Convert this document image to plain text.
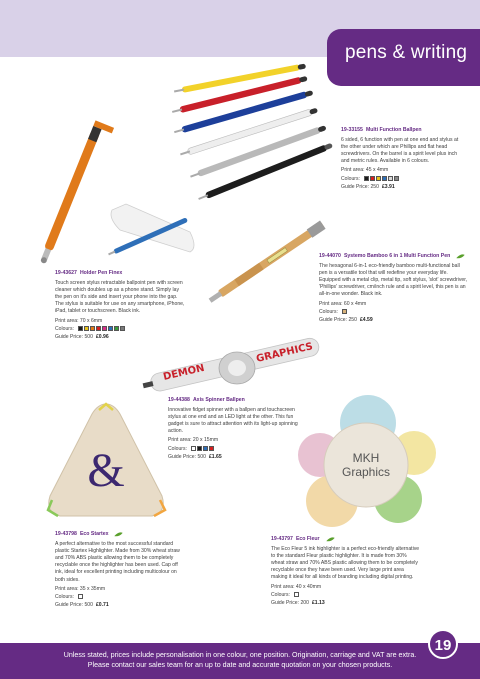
pens & writing
19-33155 Multi Function Ballpen
6 sided, 6 function with pen at one end and stylus at the other under which are Phillips and flat head screwdrivers. On the barrel is a spirit level plus inch and metric rules. Available in 6 colours.
Print area: 45 x 4mm
Colours:
Guide Price: 250 £3.91
19-43627 Holder Pen Finex
Touch screen stylus retractable ballpoint pen with screen cleaner which doubles up as a phone stand. Simply lay the pen on it's side and insert your phone into the gap. The stylus is suitable for use on any smartphone, iPhone, iPad, tablet or touchscreen. Black ink.
Print area: 70 x 6mm
Colours:
Guide Price: 500 £0.96
19-44070 Systemo Bamboo 6 in 1 Multi Function Pen
The hexagonal 6-in-1 eco-friendly bamboo multi-functional ball pen is a versatile tool that will redefine your everyday life. Equipped with a metal clip, metal tip, soft stylus, 'slot' screwdriver, 'Phillips' screwdriver, cm/inch rule and a spirit level, this pen is an all-in-one wonder. Black ink.
Print area: 60 x 4mm
Colours:
Guide Price: 250 £4.59
DEMON
GRAPHICS
19-44388 Axis Spinner Ballpen
Innovative fidget spinner with a ballpen and touchscreen stylus at one end and an LED light at the other. This fun gadget is sure to attract attention with its light-up spinning action.
Print area: 20 x 15mm
Colours:
Guide Price: 500 £1.65
&
19-43798 Eco Startex
A perfect alternative to the most successful standard plastic Startex Highlighter. Made from 30% wheat straw and 70% ABS plastic allowing them to be completely recyclable once the highlighter has been used. Cap off ink, ideal for excellent printing including multicolour on both sides.
Print area: 35 x 35mm
Colours:
Guide Price: 500 £0.71
MKH
Graphics
19-43797 Eco Fleur
The Eco Fleur 5 ink highlighter is a perfect eco-friendly alternative to the standard Fleur plastic highlighter. It is made from 30% wheat straw and 70% ABS plastic allowing them to be completely recyclable once they have been used. Very large print area making it ideal for all kinds of branding including digital printing.
Print area: 40 x 40mm
Colours:
Guide Price: 200 £1.13
19
Unless stated, prices include personalisation in one colour, one position. Origination, carriage and VAT are extra.
Please contact our sales team for an up to date and accurate quotation on your chosen products.
